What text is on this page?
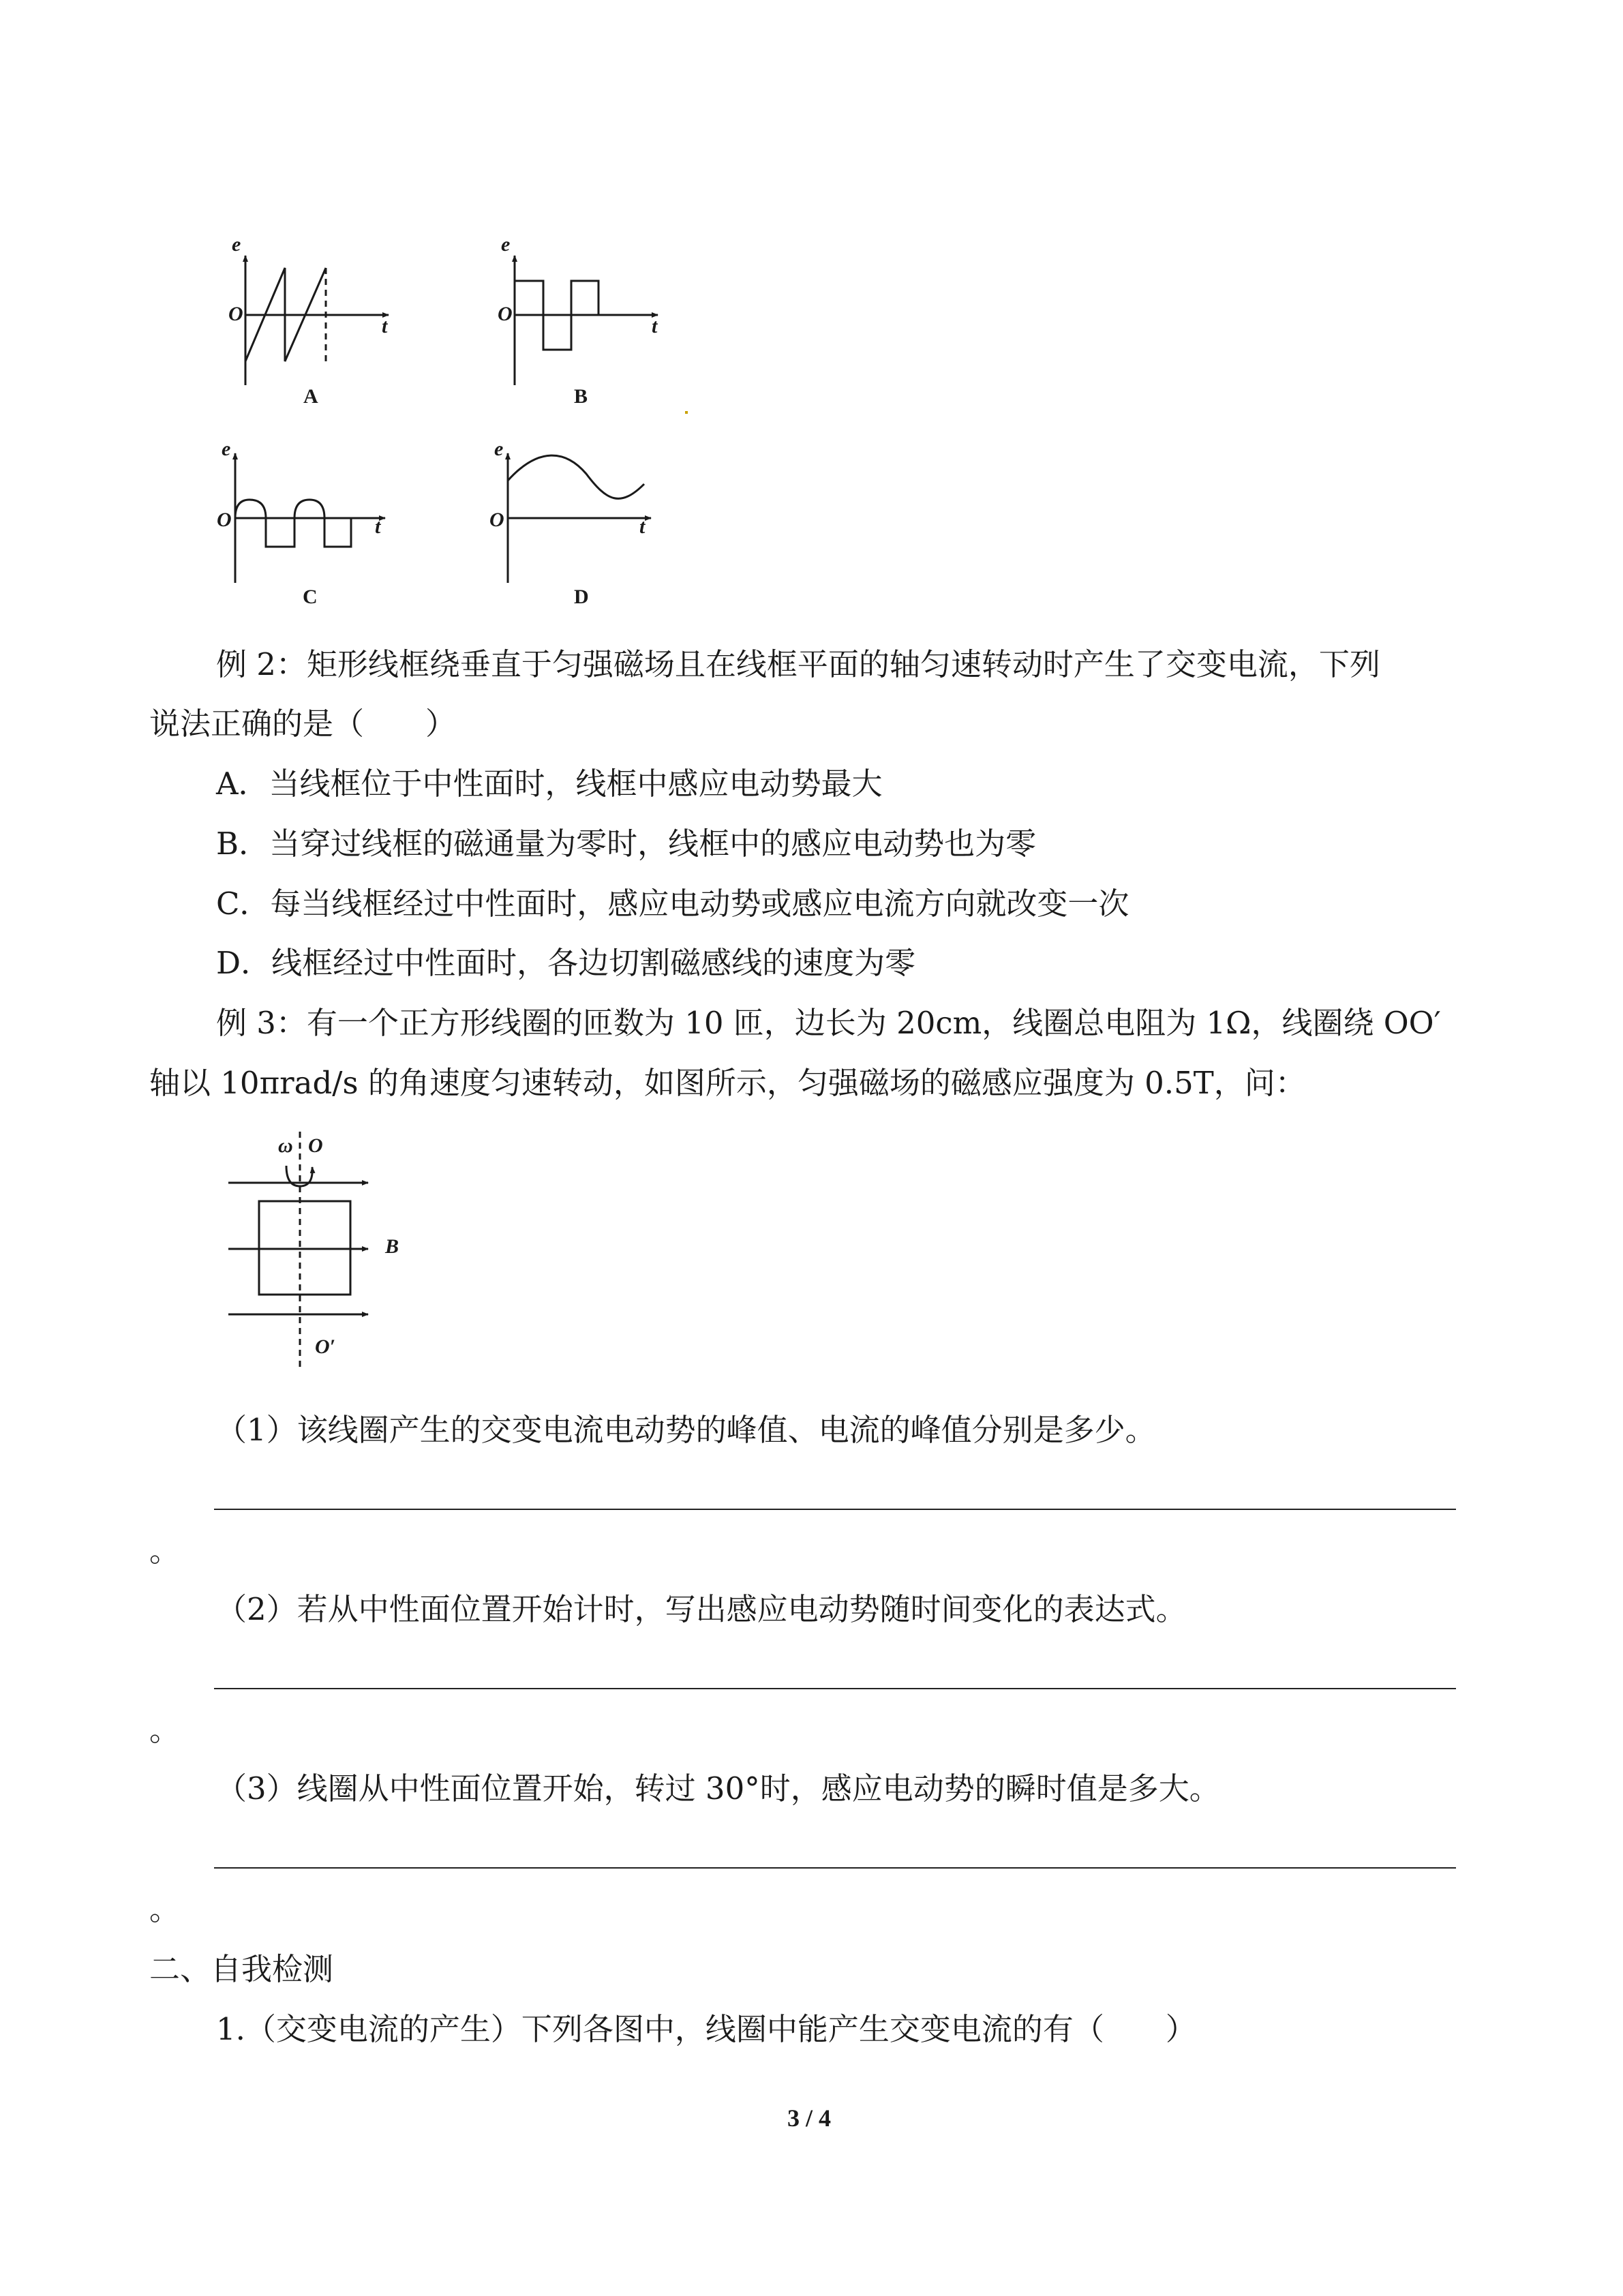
e
O
t
A
e
O
t
B
e
O	t
C
e
O	t
D
例 2：矩形线框绕垂直于匀强磁场且在线框平面的轴匀速转动时产生了交变电流，下列
说法正确的是（　　）
A．当线框位于中性面时，线框中感应电动势最大
B．当穿过线框的磁通量为零时，线框中的感应电动势也为零
C．每当线框经过中性面时，感应电动势或感应电流方向就改变一次
D．线框经过中性面时，各边切割磁感线的速度为零
例 3：有一个正方形线圈的匝数为 10 匝，边长为 20cm，线圈总电阻为 1Ω，线圈绕 OO′
轴以 10πrad/s 的角速度匀速转动，如图所示，匀强磁场的磁感应强度为 0.5T，问：
ω O
O′
B
（1）该线圈产生的交变电流电动势的峰值、电流的峰值分别是多少。
。
（2）若从中性面位置开始计时，写出感应电动势随时间变化的表达式。
。
（3）线圈从中性面位置开始，转过 30°时，感应电动势的瞬时值是多大。
。
二、自我检测
1.（交变电流的产生）下列各图中，线圈中能产生交变电流的有（　　）
3 / 4
